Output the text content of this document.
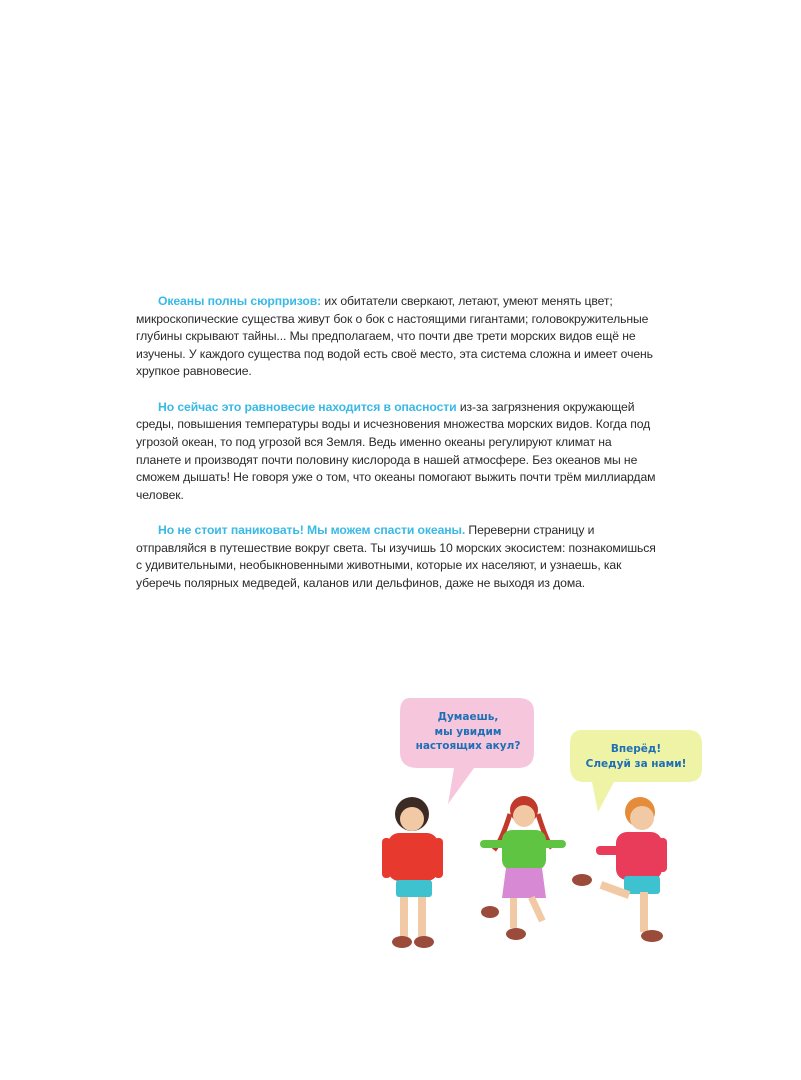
Океаны полны сюрпризов: их обитатели сверкают, летают, умеют менять цвет; микроскопические существа живут бок о бок с настоящими гигантами; головокружительные глубины скрывают тайны... Мы предполагаем, что почти две трети морских видов ещё не изучены. У каждого существа под водой есть своё место, эта система сложна и имеет очень хрупкое равновесие.

Но сейчас это равновесие находится в опасности из-за загрязнения окружающей среды, повышения температуры воды и исчезновения множества морских видов. Когда под угрозой океан, то под угрозой вся Земля. Ведь именно океаны регулируют климат на планете и производят почти половину кислорода в нашей атмосфере. Без океанов мы не сможем дышать! Не говоря уже о том, что океаны помогают выжить почти трём миллиардам человек.

Но не стоит паниковать! Мы можем спасти океаны. Переверни страницу и отправляйся в путешествие вокруг света. Ты изучишь 10 морских экосистем: познакомишься с удивительными, необыкновенными животными, которые их населяют, и узнаешь, как уберечь полярных медведей, каланов или дельфинов, даже не выходя из дома.

Думаешь,
мы увидим
настоящих акул?	Вперёд!
Следуй за нами!
